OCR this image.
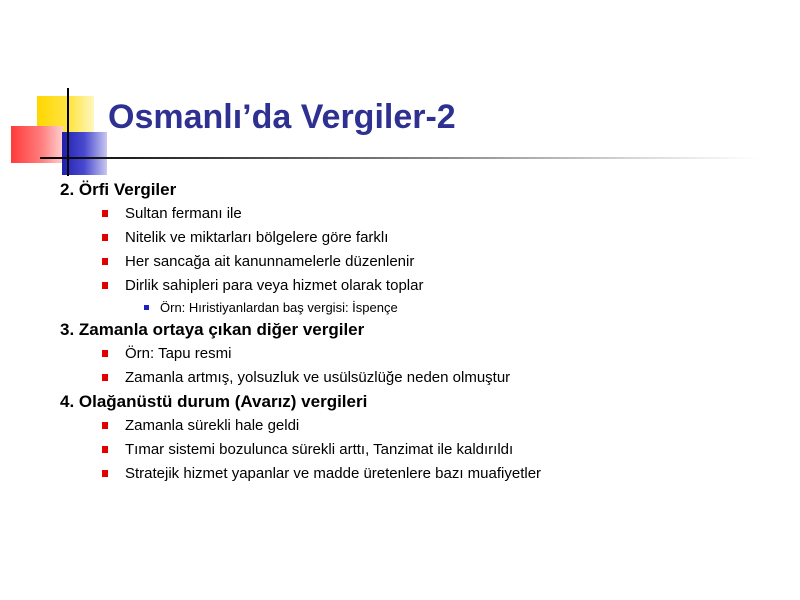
Osmanlı’da Vergiler-2
2. Örfi Vergiler
Sultan fermanı ile
Nitelik ve miktarları bölgelere göre farklı
Her sancağa ait kanunnamelerle düzenlenir
Dirlik sahipleri para veya hizmet olarak toplar
Örn: Hıristiyanlardan baş vergisi: İspençe
3. Zamanla ortaya çıkan diğer vergiler
Örn: Tapu resmi
Zamanla artmış, yolsuzluk ve usülsüzlüğe neden olmuştur
4. Olağanüstü durum (Avarız) vergileri
Zamanla sürekli hale geldi
Tımar sistemi bozulunca sürekli arttı, Tanzimat ile kaldırıldı
Stratejik hizmet yapanlar ve madde üretenlere bazı muafiyetler
